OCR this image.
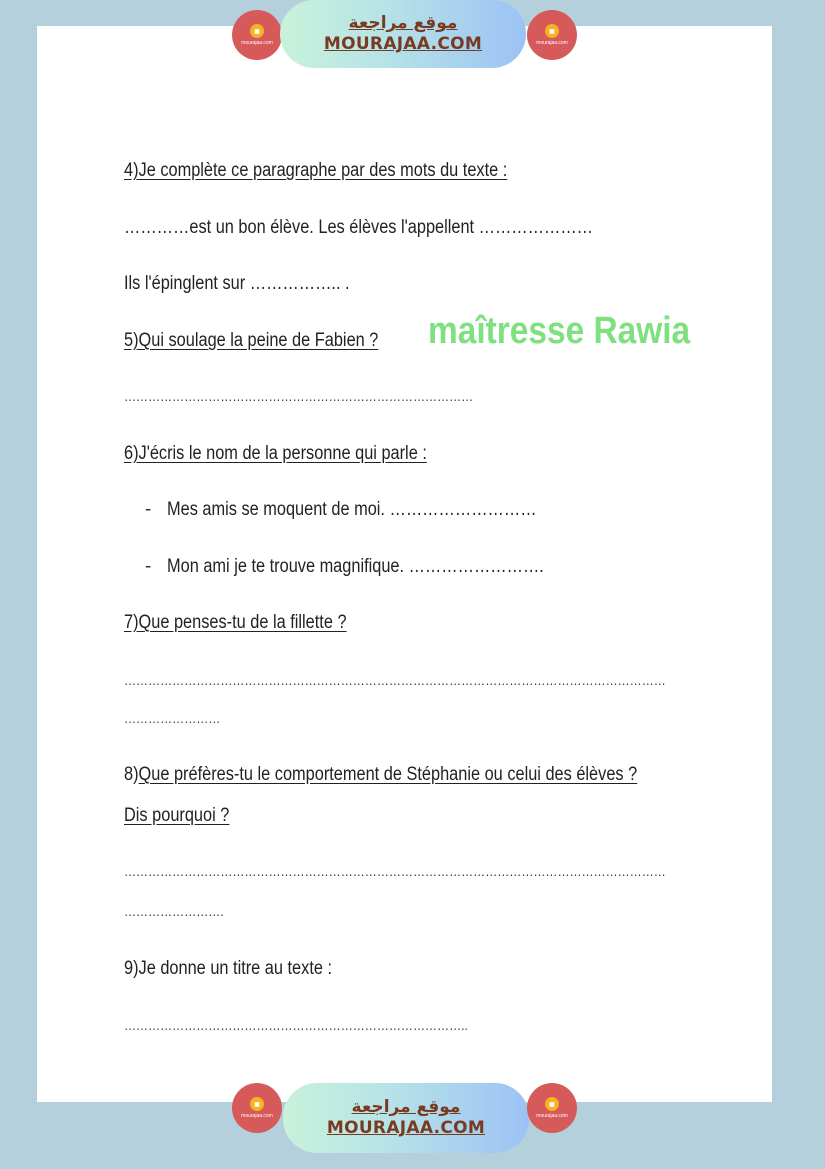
▣
mourajaa.com
موقع مراجعة
MOURAJAA.COM
▣
mourajaa.com
4)Je complète ce paragraphe par des mots du texte :
…………est un bon élève. Les élèves l'appellent …………………
Ils l'épinglent sur …………….. .
5)Qui soulage la peine de Fabien ? maîtresse Rawia
……………………………………………………………………………
6)J'écris le nom de la personne qui parle :
- Mes amis se moquent de moi. ………………………
- Mon ami je te trouve magnifique. …………………….
7)Que penses-tu de la fillette ?
………………………………………………………………………………………………………………………
……………………
8)Que préfères-tu le comportement de Stéphanie ou celui des élèves ?
Dis pourquoi ?
………………………………………………………………………………………………………………………
…………………….
9)Je donne un titre au texte :
…………………………………………………………………………..
▣
mourajaa.com	موقع مراجعة
MOURAJAA.COM
▣
mourajaa.com
